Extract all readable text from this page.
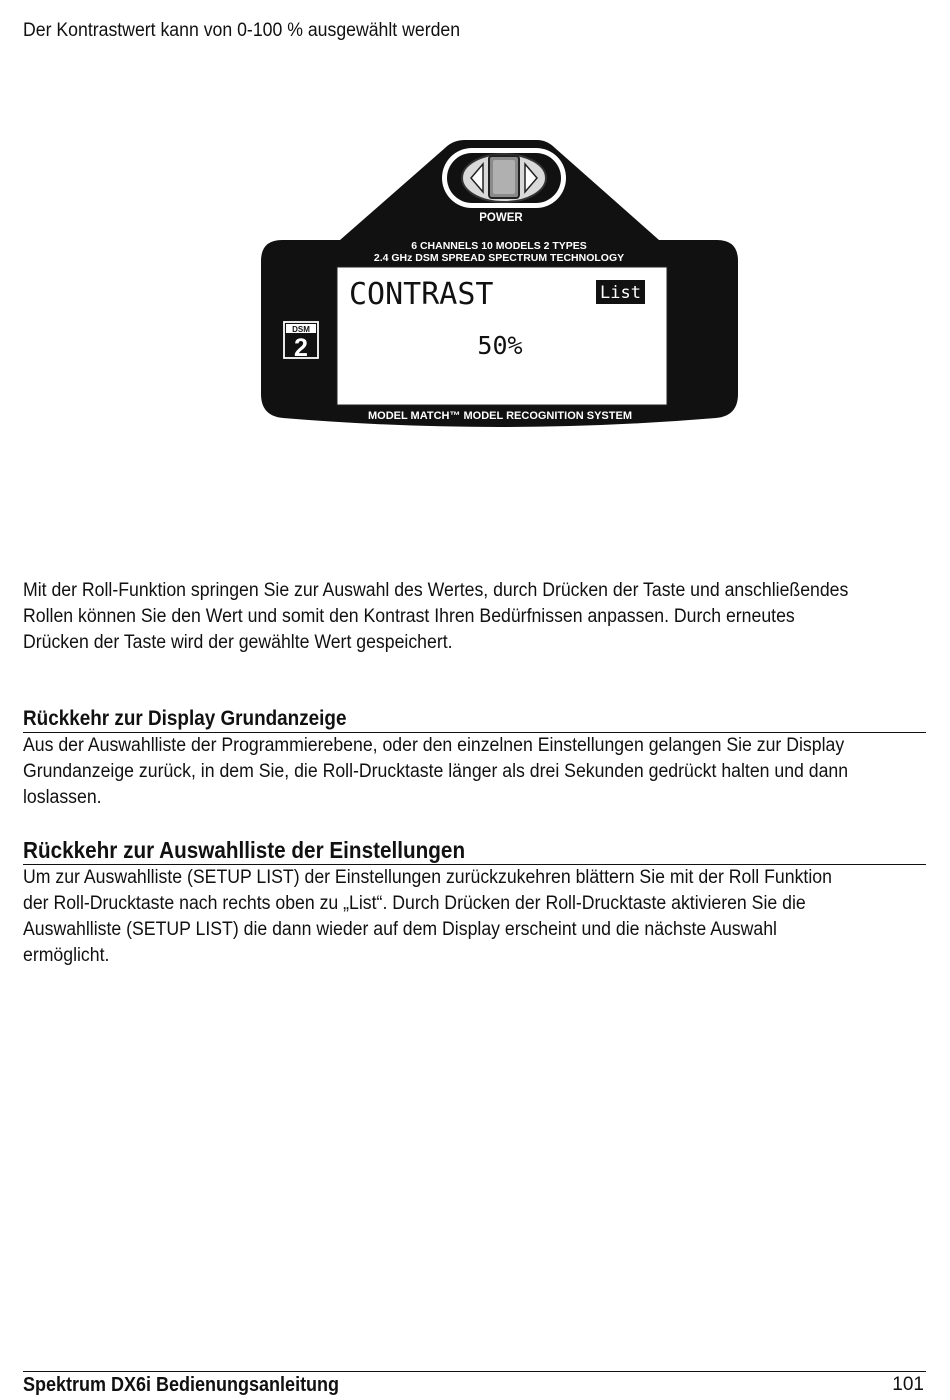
Der Kontrastwert kann von 0-100 % ausgewählt werden

POWER
6 CHANNELS 10 MODELS 2 TYPES
2.4 GHz DSM SPREAD SPECTRUM TECHNOLOGY
DSM
2
CONTRAST	List
50%
MODEL MATCH™ MODEL RECOGNITION SYSTEM

Mit der Roll-Funktion springen Sie zur Auswahl des Wertes, durch Drücken der Taste und anschließendes Rollen können Sie den Wert und somit den Kontrast Ihren Bedürfnissen anpassen. Durch erneutes Drücken der Taste wird der gewählte Wert gespeichert.

Rückkehr zur Display Grundanzeige

Aus der Auswahlliste der Programmierebene, oder den einzelnen Einstellungen gelangen Sie zur Display Grundanzeige zurück, in dem Sie, die Roll-Drucktaste länger als drei Sekunden gedrückt halten und dann loslassen.

Rückkehr zur Auswahlliste der Einstellungen

Um zur Auswahlliste (SETUP LIST) der Einstellungen zurückzukehren blättern Sie mit der Roll Funktion der Roll-Drucktaste nach rechts oben zu „List“. Durch Drücken der Roll-Drucktaste aktivieren Sie die Auswahlliste (SETUP LIST) die dann wieder auf dem Display erscheint und die nächste Auswahl ermöglicht.

Spektrum DX6i Bedienungsanleitung	101
